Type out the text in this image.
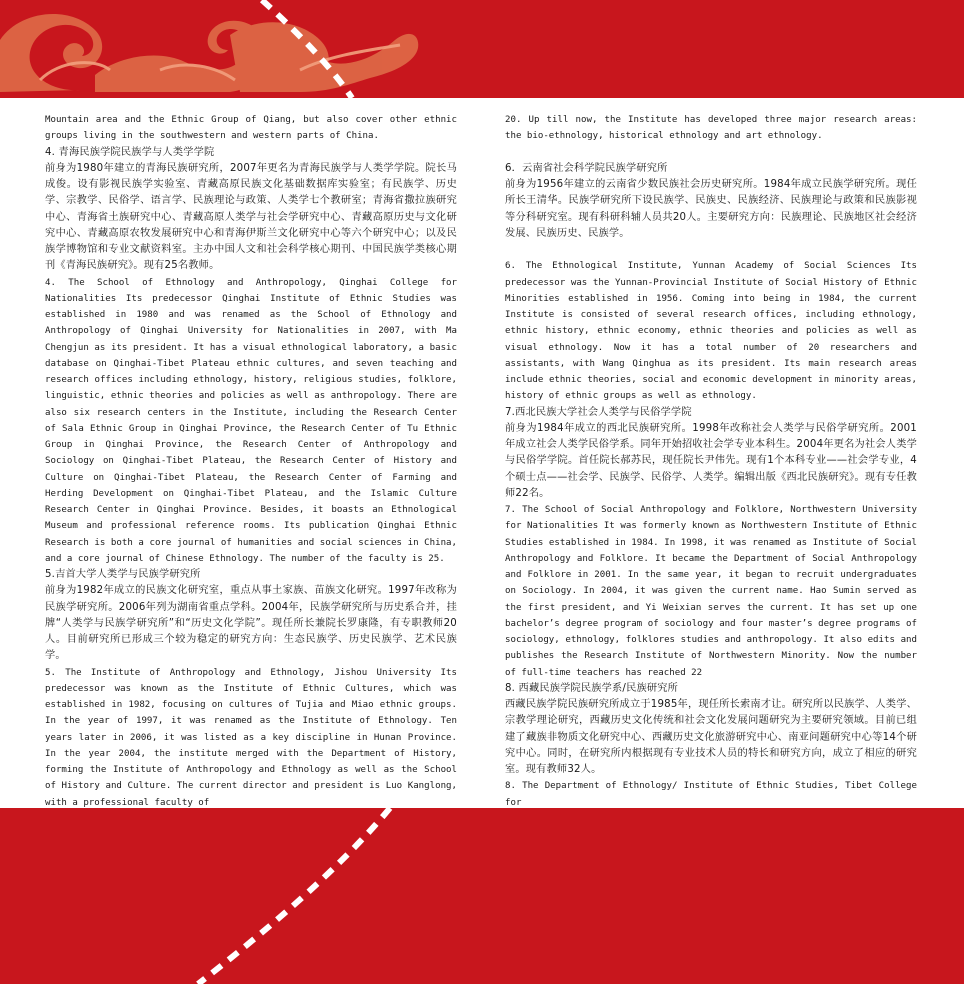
Mountain area and the Ethnic Group of Qiang, but also cover other ethnic groups living in the southwestern and western parts of China.

4. 青海民族学院民族学与人类学学院

前身为1980年建立的青海民族研究所，2007年更名为青海民族学与人类学学院。院长马成俊。设有影视民族学实验室、青藏高原民族文化基础数据库实验室；有民族学、历史学、宗教学、民俗学、语言学、民族理论与政策、人类学七个教研室；青海省撒拉族研究中心、青海省土族研究中心、青藏高原人类学与社会学研究中心、青藏高原历史与文化研究中心、青藏高原农牧发展研究中心和青海伊斯兰文化研究中心等六个研究中心；以及民族学博物馆和专业文献资料室。主办中国人文和社会科学核心期刊、中国民族学类核心期刊《青海民族研究》。现有25名教师。

4. The School of Ethnology and Anthropology, Qinghai College for Nationalities Its predecessor Qinghai Institute of Ethnic Studies was established in 1980 and was renamed as the School of Ethnology and Anthropology of Qinghai University for Nationalities in 2007, with Ma Chengjun as its president. It has a visual ethnological laboratory, a basic database on Qinghai-Tibet Plateau ethnic cultures, and seven teaching and research offices including ethnology, history, religious studies, folklore, linguistic, ethnic theories and policies as well as anthropology. There are also six research centers in the Institute, including the Research Center of Sala Ethnic Group in Qinghai Province, the Research Center of Tu Ethnic Group in Qinghai Province, the Research Center of Anthropology and Sociology on Qinghai-Tibet Plateau, the Research Center of History and Culture on Qinghai-Tibet Plateau, the Research Center of Farming and Herding Development on Qinghai-Tibet Plateau, and the Islamic Culture Research Center in Qinghai Province. Besides, it boasts an Ethnological Museum and professional reference rooms. Its publication Qinghai Ethnic Research is both a core journal of humanities and social sciences in China, and a core journal of Chinese Ethnology. The number of the faculty is 25.

5.吉首大学人类学与民族学研究所

前身为1982年成立的民族文化研究室，重点从事土家族、苗族文化研究。1997年改称为民族学研究所。2006年列为湖南省重点学科。2004年，民族学研究所与历史系合并，挂牌“人类学与民族学研究所”和“历史文化学院”。现任所长兼院长罗康隆，有专职教师20人。目前研究所已形成三个较为稳定的研究方向：生态民族学、历史民族学、艺术民族学。

5. The Institute of Anthropology and Ethnology, Jishou University Its predecessor was known as the Institute of Ethnic Cultures, which was established in 1982, focusing on cultures of Tujia and Miao ethnic groups. In the year of 1997, it was renamed as the Institute of Ethnology. Ten years later in 2006, it was listed as a key discipline in Hunan Province. In the year 2004, the institute merged with the Department of History, forming the Institute of Anthropology and Ethnology as well as the School of History and Culture. The current director and president is Luo Kanglong, with a professional faculty of

20. Up till now, the Institute has developed three major research areas: the bio-ethnology, historical ethnology and art ethnology.

6．云南省社会科学院民族学研究所

前身为1956年建立的云南省少数民族社会历史研究所。1984年成立民族学研究所。现任所长王清华。民族学研究所下设民族学、民族史、民族经济、民族理论与政策和民族影视等分科研究室。现有科研科辅人员共20人。主要研究方向：民族理论、民族地区社会经济发展、民族历史、民族学。

6. The Ethnological Institute, Yunnan Academy of Social Sciences Its predecessor was the Yunnan-Provincial Institute of Social History of Ethnic Minorities established in 1956. Coming into being in 1984, the current Institute is consisted of several research offices, including ethnology, ethnic history, ethnic economy, ethnic theories and policies as well as visual ethnology. Now it has a total number of 20 researchers and assistants, with Wang Qinghua as its president. Its main research areas include ethnic theories, social and economic development in minority areas, history of ethnic groups as well as ethnology.

7.西北民族大学社会人类学与民俗学学院

前身为1984年成立的西北民族研究所。1998年改称社会人类学与民俗学研究所。2001年成立社会人类学民俗学系。同年开始招收社会学专业本科生。2004年更名为社会人类学与民俗学学院。首任院长郝苏民，现任院长尹伟先。现有1个本科专业——社会学专业，4个硕士点——社会学、民族学、民俗学、人类学。编辑出版《西北民族研究》。现有专任教师22名。

7. The School of Social Anthropology and Folklore, Northwestern University for Nationalities It was formerly known as Northwestern Institute of Ethnic Studies established in 1984. In 1998, it was renamed as Institute of Social Anthropology and Folklore. It became the Department of Social Anthropology and Folklore in 2001. In the same year, it began to recruit undergraduates on Sociology. In 2004, it was given the current name. Hao Sumin served as the first president, and Yi Weixian serves the current. It has set up one bachelor’s degree program of sociology and four master’s degree programs of sociology, ethnology, folklores studies and anthropology. It also edits and publishes the Research Institute of Northwestern Minority. Now the number of full-time teachers has reached 22

8. 西藏民族学院民族学系/民族研究所

西藏民族学院民族研究所成立于1985年，现任所长索南才让。研究所以民族学、人类学、宗教学理论研究，西藏历史文化传统和社会文化发展问题研究为主要研究领域。目前已组建了藏族非物质文化研究中心、西藏历史文化旅游研究中心、南亚问题研究中心等14个研究中心。同时，在研究所内根据现有专业技术人员的特长和研究方向，成立了相应的研究室。现有教师32人。

8. The Department of Ethnology/ Institute of Ethnic Studies, Tibet College for
